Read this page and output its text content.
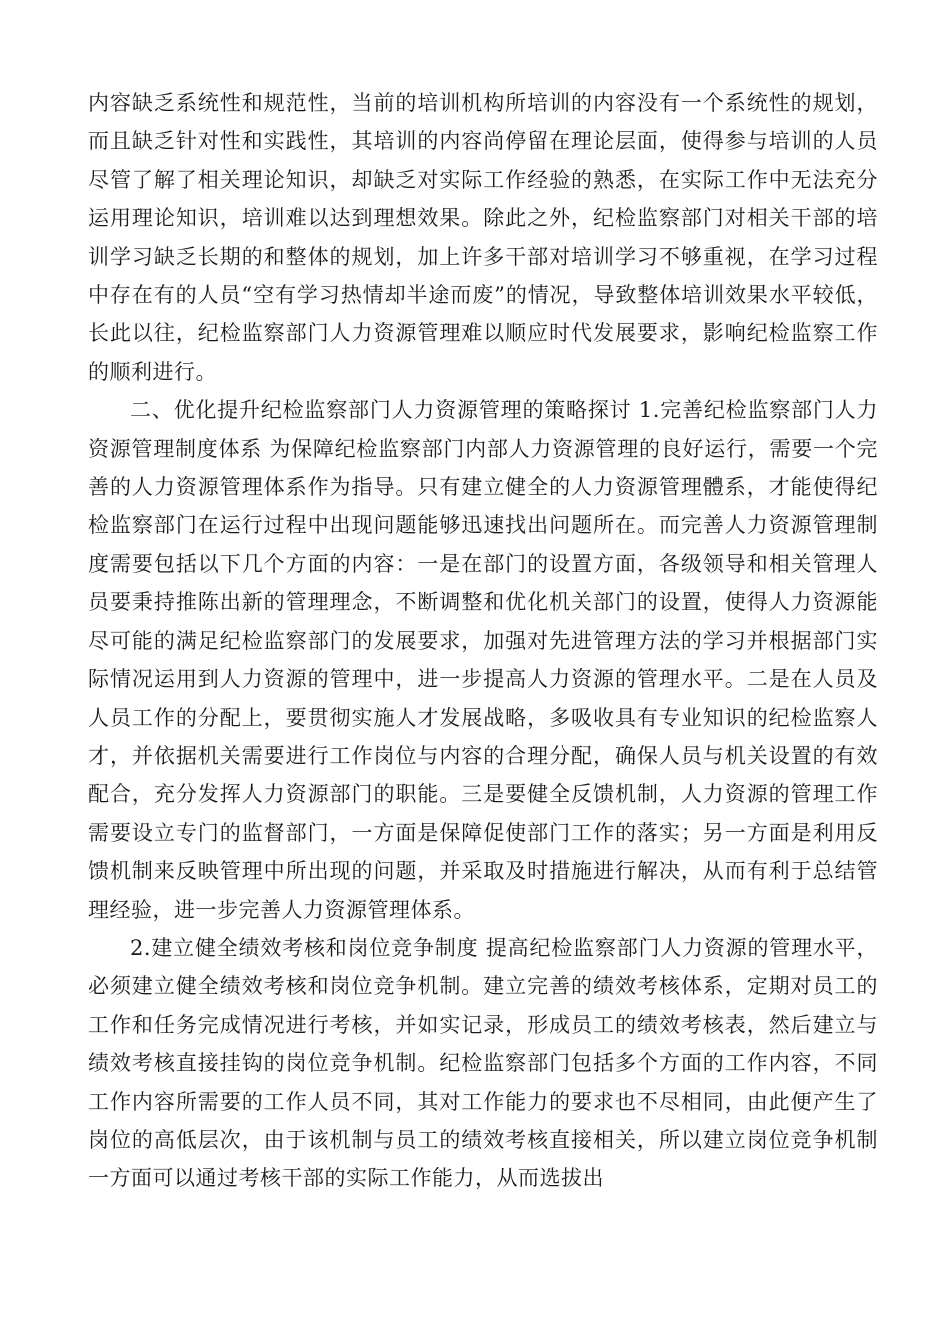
内容缺乏系统性和规范性，当前的培训机构所培训的内容没有一个系统性的规划，而且缺乏针对性和实践性，其培训的内容尚停留在理论层面，使得参与培训的人员尽管了解了相关理论知识，却缺乏对实际工作经验的熟悉，在实际工作中无法充分运用理论知识，培训难以达到理想效果。除此之外，纪检监察部门对相关干部的培训学习缺乏长期的和整体的规划，加上许多干部对培训学习不够重视，在学习过程中存在有的人员“空有学习热情却半途而废”的情况，导致整体培训效果水平较低，长此以往，纪检监察部门人力资源管理难以顺应时代发展要求，影响纪检监察工作的顺利进行。

二、优化提升纪检监察部门人力资源管理的策略探讨 1.完善纪检监察部门人力资源管理制度体系 为保障纪检监察部门内部人力资源管理的良好运行，需要一个完善的人力资源管理体系作为指导。只有建立健全的人力资源管理體系，才能使得纪检监察部门在运行过程中出现问题能够迅速找出问题所在。而完善人力资源管理制度需要包括以下几个方面的内容：一是在部门的设置方面，各级领导和相关管理人员要秉持推陈出新的管理理念，不断调整和优化机关部门的设置，使得人力资源能尽可能的满足纪检监察部门的发展要求，加强对先进管理方法的学习并根据部门实际情况运用到人力资源的管理中，进一步提高人力资源的管理水平。二是在人员及人员工作的分配上，要贯彻实施人才发展战略，多吸收具有专业知识的纪检监察人才，并依据机关需要进行工作岗位与内容的合理分配，确保人员与机关设置的有效配合，充分发挥人力资源部门的职能。三是要健全反馈机制，人力资源的管理工作需要设立专门的监督部门，一方面是保障促使部门工作的落实；另一方面是利用反馈机制来反映管理中所出现的问题，并采取及时措施进行解决，从而有利于总结管理经验，进一步完善人力资源管理体系。

2.建立健全绩效考核和岗位竞争制度 提高纪检监察部门人力资源的管理水平，必须建立健全绩效考核和岗位竞争机制。建立完善的绩效考核体系，定期对员工的工作和任务完成情况进行考核，并如实记录，形成员工的绩效考核表，然后建立与绩效考核直接挂钩的岗位竞争机制。纪检监察部门包括多个方面的工作内容，不同工作内容所需要的工作人员不同，其对工作能力的要求也不尽相同，由此便产生了岗位的高低层次，由于该机制与员工的绩效考核直接相关，所以建立岗位竞争机制一方面可以通过考核干部的实际工作能力，从而选拔出
